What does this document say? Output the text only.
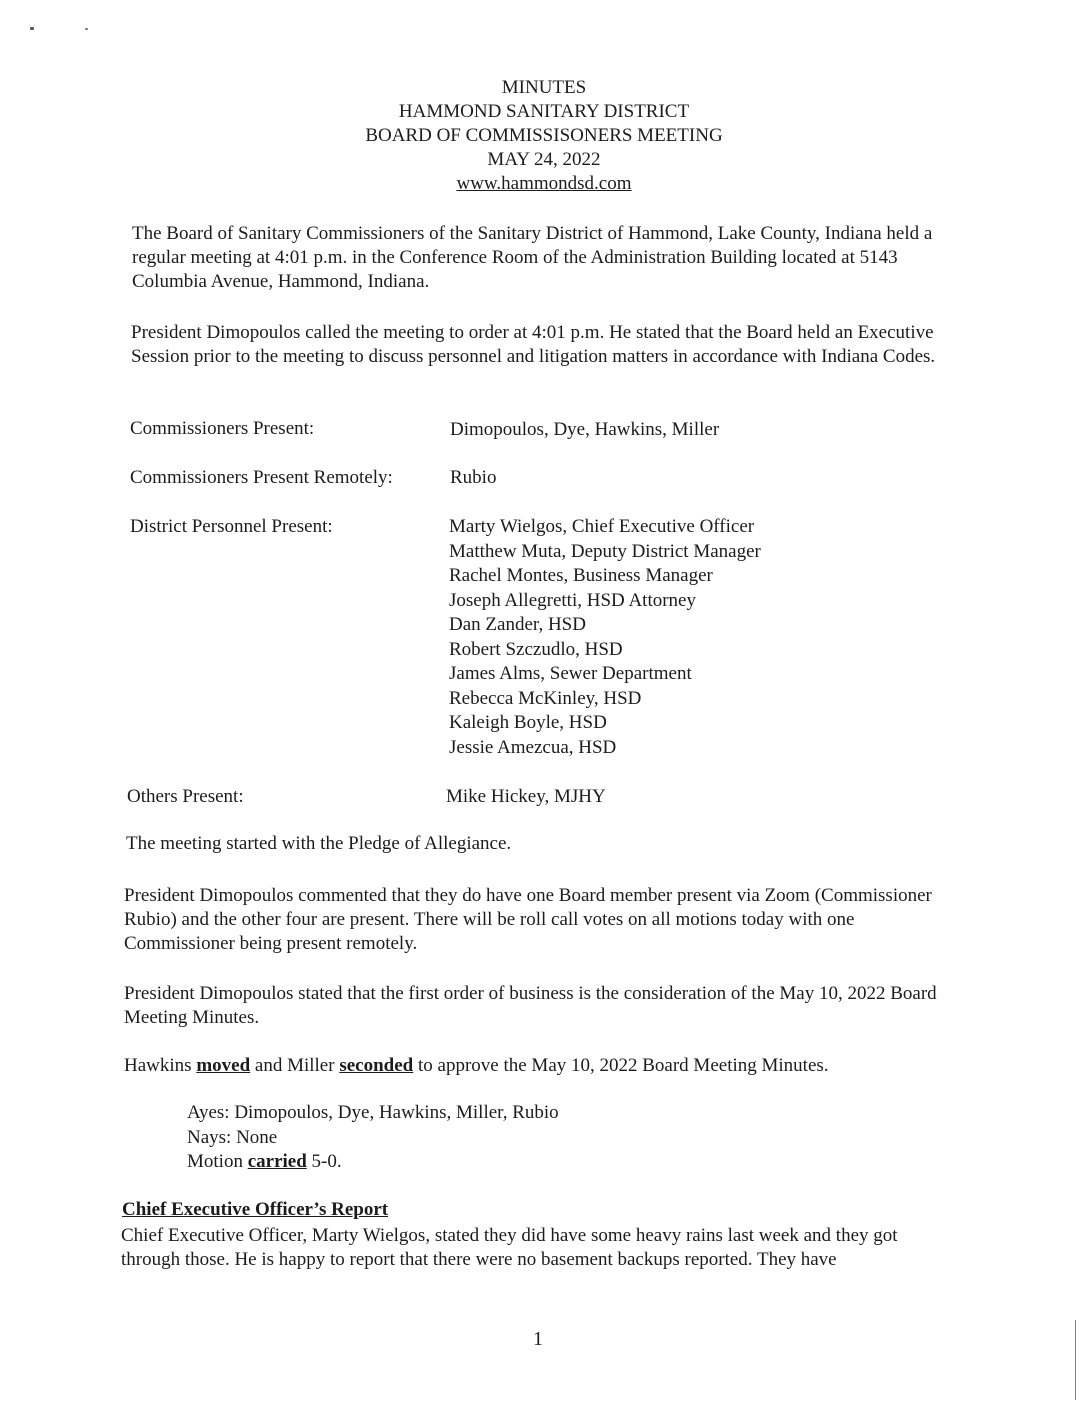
MINUTES
HAMMOND SANITARY DISTRICT
BOARD OF COMMISSISONERS MEETING
MAY 24, 2022
www.hammondsd.com

The Board of Sanitary Commissioners of the Sanitary District of Hammond, Lake County, Indiana held a regular meeting at 4:01 p.m. in the Conference Room of the Administration Building located at 5143 Columbia Avenue, Hammond, Indiana.

President Dimopoulos called the meeting to order at 4:01 p.m. He stated that the Board held an Executive Session prior to the meeting to discuss personnel and litigation matters in accordance with Indiana Codes.

Commissioners Present:	Dimopoulos, Dye, Hawkins, Miller
Commissioners Present Remotely:	Rubio
District Personnel Present:	Marty Wielgos, Chief Executive Officer
Matthew Muta, Deputy District Manager
Rachel Montes, Business Manager
Joseph Allegretti, HSD Attorney
Dan Zander, HSD
Robert Szczudlo, HSD
James Alms, Sewer Department
Rebecca McKinley, HSD
Kaleigh Boyle, HSD
Jessie Amezcua, HSD
Others Present:	Mike Hickey, MJHY

The meeting started with the Pledge of Allegiance.

President Dimopoulos commented that they do have one Board member present via Zoom (Commissioner Rubio) and the other four are present. There will be roll call votes on all motions today with one Commissioner being present remotely.

President Dimopoulos stated that the first order of business is the consideration of the May 10, 2022 Board Meeting Minutes.

Hawkins moved and Miller seconded to approve the May 10, 2022 Board Meeting Minutes.

Ayes: Dimopoulos, Dye, Hawkins, Miller, Rubio
Nays: None
Motion carried 5-0.
Chief Executive Officer’s Report

Chief Executive Officer, Marty Wielgos, stated they did have some heavy rains last week and they got through those. He is happy to report that there were no basement backups reported. They have

1
